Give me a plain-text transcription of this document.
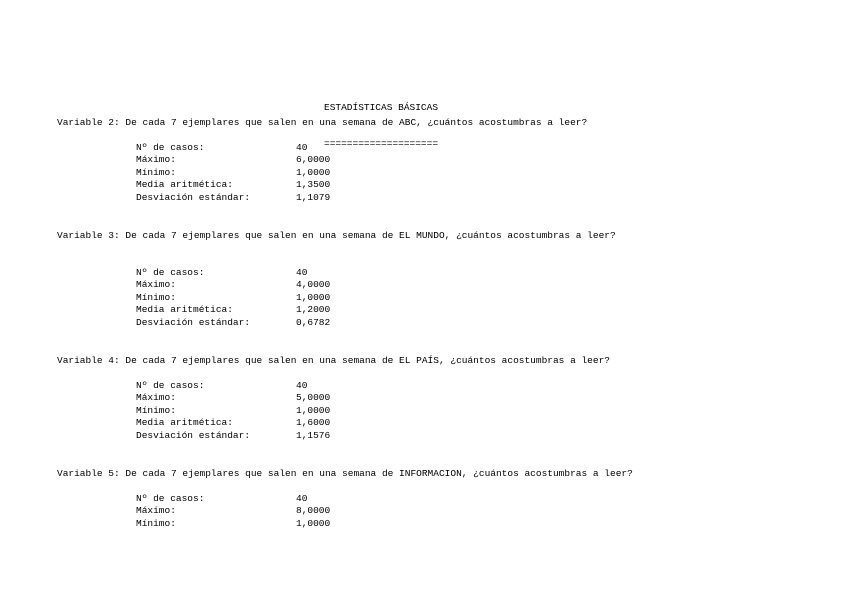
ESTADÍSTICAS BÁSICAS

====================

Variable 2: De cada 7 ejemplares que salen en una semana de ABC, ¿cuántos acostumbras a leer?
Nº de casos:	40
Máximo:	6,0000
Mínimo:	1,0000
Media aritmética:	1,3500
Desviación estándar:	1,1079
Variable 3: De cada 7 ejemplares que salen en una semana de EL MUNDO, ¿cuántos acostumbras a leer?
Nº de casos:	40
Máximo:	4,0000
Mínimo:	1,0000
Media aritmética:	1,2000
Desviación estándar:	0,6782
Variable 4: De cada 7 ejemplares que salen en una semana de EL PAÍS, ¿cuántos acostumbras a leer?
Nº de casos:	40
Máximo:	5,0000
Mínimo:	1,0000
Media aritmética:	1,6000
Desviación estándar:	1,1576
Variable 5: De cada 7 ejemplares que salen en una semana de INFORMACION, ¿cuántos acostumbras a leer?
Nº de casos:	40
Máximo:	8,0000
Mínimo:	1,0000
